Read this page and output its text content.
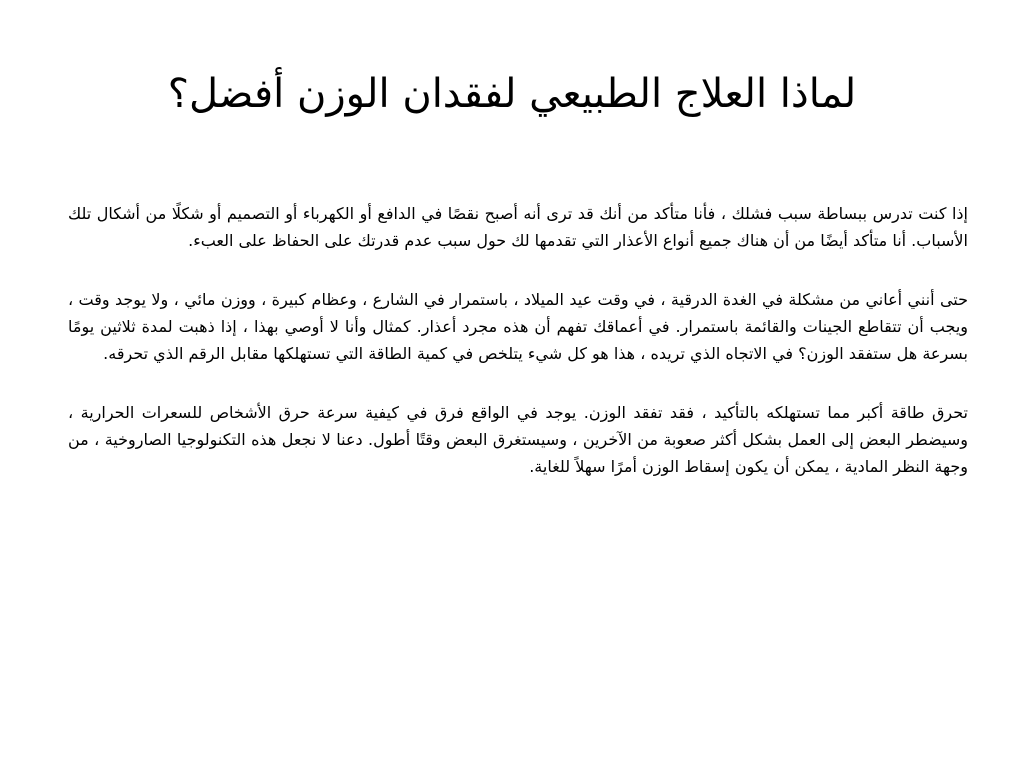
لماذا العلاج الطبيعي لفقدان الوزن أفضل؟

إذا كنت تدرس ببساطة سبب فشلك ، فأنا متأكد من أنك قد ترى أنه أصبح نقصًا في الدافع أو الكهرباء أو التصميم أو شكلًا من أشكال تلك الأسباب. أنا متأكد أيضًا من أن هناك جميع أنواع الأعذار التي تقدمها لك حول سبب عدم قدرتك على الحفاظ على العبء.

حتى أنني أعاني من مشكلة في الغدة الدرقية ، في وقت عيد الميلاد ، باستمرار في الشارع ، وعظام كبيرة ، ووزن مائي ، ولا يوجد وقت ، ويجب أن تتقاطع الجينات والقائمة باستمرار. في أعماقك تفهم أن هذه مجرد أعذار. كمثال وأنا لا أوصي بهذا ، إذا ذهبت لمدة ثلاثين يومًا بسرعة هل ستفقد الوزن؟ في الاتجاه الذي تريده ، هذا هو كل شيء يتلخص في كمية الطاقة التي تستهلكها مقابل الرقم الذي تحرقه.

تحرق طاقة أكبر مما تستهلكه بالتأكيد ، فقد تفقد الوزن. يوجد في الواقع فرق في كيفية سرعة حرق الأشخاص للسعرات الحرارية ، وسيضطر البعض إلى العمل بشكل أكثر صعوبة من الآخرين ، وسيستغرق البعض وقتًا أطول. دعنا لا نجعل هذه التكنولوجيا الصاروخية ، من وجهة النظر المادية ، يمكن أن يكون إسقاط الوزن أمرًا سهلاً للغاية.
